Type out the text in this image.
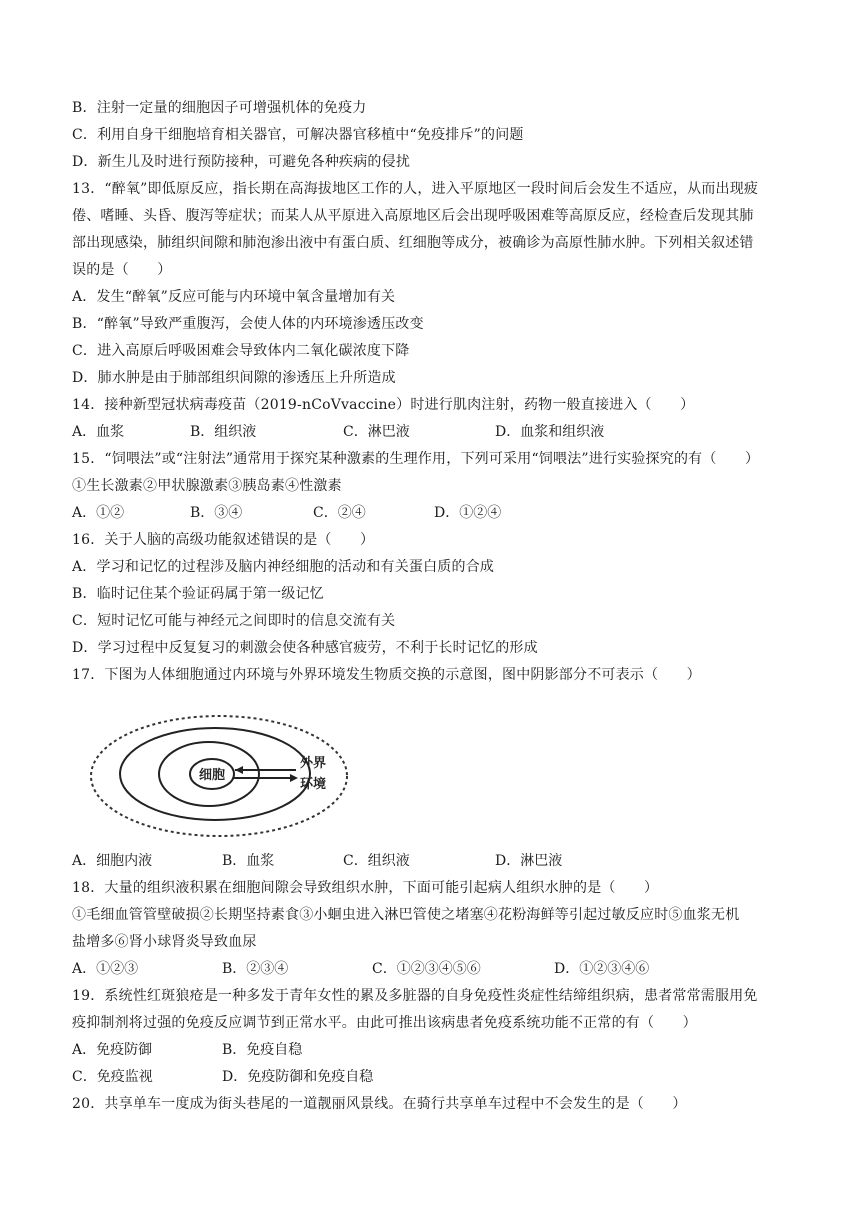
B．注射一定量的细胞因子可增强机体的免疫力
C．利用自身干细胞培育相关器官，可解决器官移植中“免疫排斥”的问题
D．新生儿及时进行预防接种，可避免各种疾病的侵扰
13．“醉氧”即低原反应，指长期在高海拔地区工作的人，进入平原地区一段时间后会发生不适应，从而出现疲
倦、嗜睡、头昏、腹泻等症状；而某人从平原进入高原地区后会出现呼吸困难等高原反应，经检查后发现其肺
部出现感染，肺组织间隙和肺泡渗出液中有蛋白质、红细胞等成分，被确诊为高原性肺水肿。下列相关叙述错
误的是（　　）
A．发生“醉氧”反应可能与内环境中氧含量增加有关
B．“醉氧”导致严重腹泻，会使人体的内环境渗透压改变
C．进入高原后呼吸困难会导致体内二氧化碳浓度下降
D．肺水肿是由于肺部组织间隙的渗透压上升所造成
14．接种新型冠状病毒疫苗（2019-nCoVvaccine）时进行肌肉注射，药物一般直接进入（　　）
A．血浆	B．组织液	C．淋巴液	D．血浆和组织液
15．“饲喂法”或“注射法”通常用于探究某种激素的生理作用，下列可采用“饲喂法”进行实验探究的有（　　）
①生长激素②甲状腺激素③胰岛素④性激素
A．①②	B．③④	C．②④	D．①②④
16．关于人脑的高级功能叙述错误的是（　　）
A．学习和记忆的过程涉及脑内神经细胞的活动和有关蛋白质的合成
B．临时记住某个验证码属于第一级记忆
C．短时记忆可能与神经元之间即时的信息交流有关
D．学习过程中反复复习的刺激会使各种感官疲劳，不利于长时记忆的形成
17．下图为人体细胞通过内环境与外界环境发生物质交换的示意图，图中阴影部分不可表示（　　）
细胞
外界
环境
A．细胞内液	B．血浆	C．组织液	D．淋巴液
18．大量的组织液积累在细胞间隙会导致组织水肿，下面可能引起病人组织水肿的是（　　）
①毛细血管管壁破损②长期坚持素食③小蛔虫进入淋巴管使之堵塞④花粉海鲜等引起过敏反应时⑤血浆无机
盐增多⑥肾小球肾炎导致血尿
A．①②③	B．②③④	C．①②③④⑤⑥	D．①②③④⑥
19．系统性红斑狼疮是一种多发于青年女性的累及多脏器的自身免疫性炎症性结缔组织病，患者常常需服用免
疫抑制剂将过强的免疫反应调节到正常水平。由此可推出该病患者免疫系统功能不正常的有（　　）
A．免疫防御	B．免疫自稳
C．免疫监视	D．免疫防御和免疫自稳
20．共享单车一度成为街头巷尾的一道靓丽风景线。在骑行共享单车过程中不会发生的是（　　）
